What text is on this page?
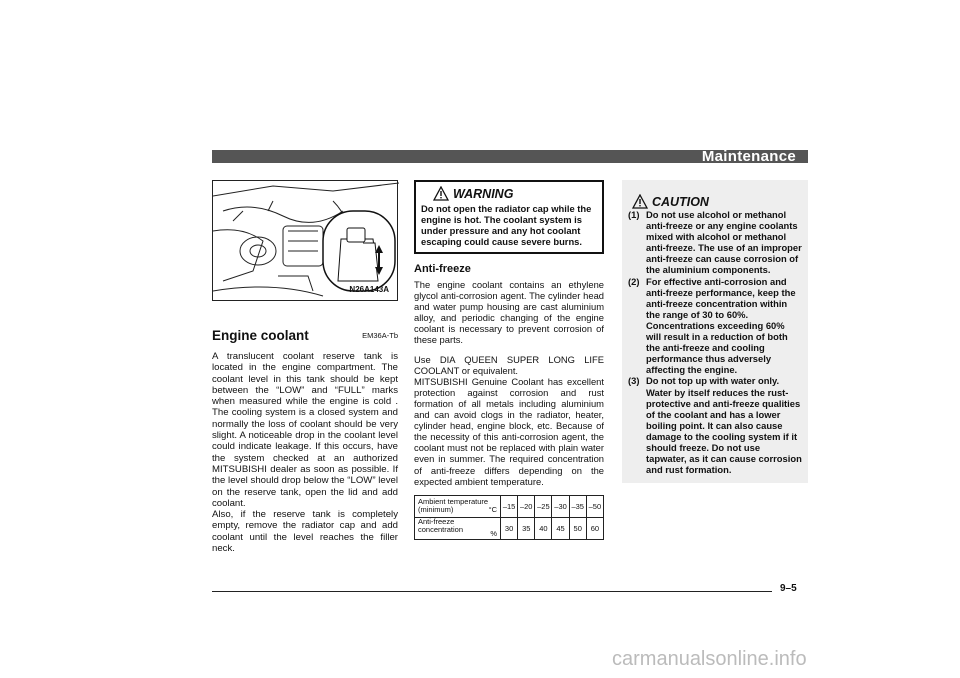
Maintenance
N26A143A
Engine coolant	EM36A-Tb
A translucent coolant reserve tank is located in the engine compartment. The coolant level in this tank should be kept between the “LOW” and “FULL” marks when measured while the engine is cold . The cooling system is a closed system and normally the loss of coolant should be very slight. A noticeable drop in the coolant level could indicate leakage. If this occurs, have the system checked at an authorized MITSUBISHI dealer as soon as possible. If the level should drop below the “LOW” level on the reserve tank, open the lid and add coolant.
Also, if the reserve tank is completely empty, remove the radiator cap and add coolant until the level reaches the filler neck.
WARNING
Do not open the radiator cap while the engine is hot. The coolant system is under pressure and any hot coolant escaping could cause severe burns.
Anti-freeze
The engine coolant contains an ethylene glycol anti-corrosion agent. The cylinder head and water pump housing are cast aluminium alloy, and periodic changing of the engine coolant is necessary to prevent corrosion of these parts.
Use DIA QUEEN SUPER LONG LIFE COOLANT or equivalent.
MITSUBISHI Genuine Coolant has excellent protection against corrosion and rust formation of all metals including aluminium and can avoid clogs in the radiator, heater, cylinder head, engine block, etc. Because of the necessity of this anti-corrosion agent, the coolant must not be replaced with plain water even in summer. The required concentration of anti-freeze differs depending on the expected ambient temperature.
Ambient temperature (minimum) °C	–15	–20	–25	–30	–35	–50
Anti-freeze concentration %	30	35	40	45	50	60
CAUTION
(1) Do not use alcohol or methanol anti-freeze or any engine coolants mixed with alcohol or methanol anti-freeze. The use of an improper anti-freeze can cause corrosion of the aluminium components.
(2) For effective anti-corrosion and anti-freeze performance, keep the anti-freeze concentration within the range of 30 to 60%. Concentrations exceeding 60% will result in a reduction of both the anti-freeze and cooling performance thus adversely affecting the engine.
(3) Do not top up with water only. Water by itself reduces the rust-protective and anti-freeze qualities of the coolant and has a lower boiling point. It can also cause damage to the cooling system if it should freeze. Do not use tapwater, as it can cause corrosion and rust formation.
9–5
carmanualsonline.info
